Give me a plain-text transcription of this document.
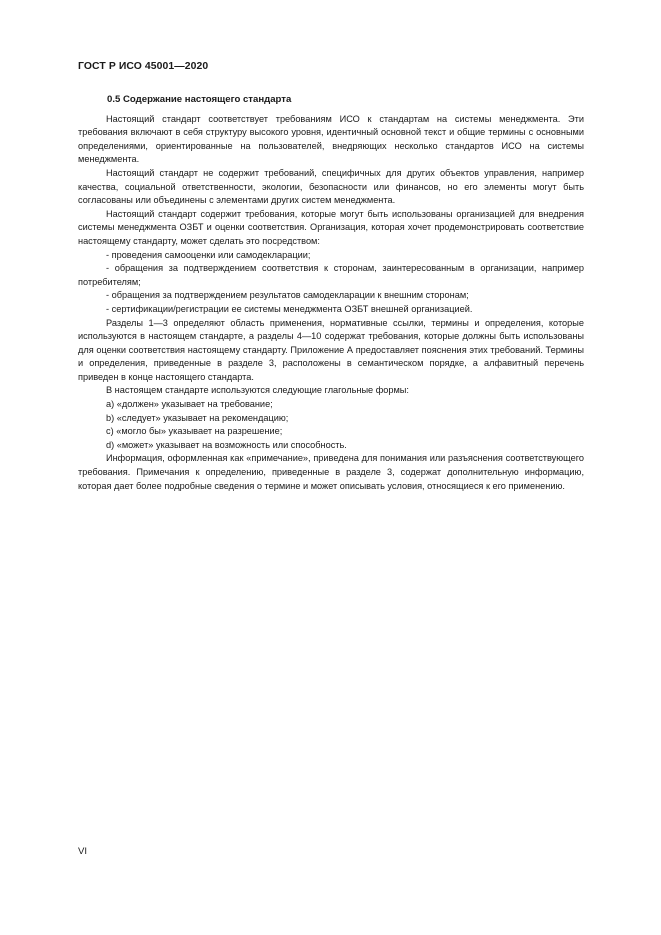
ГОСТ Р ИСО 45001—2020
0.5 Содержание настоящего стандарта

Настоящий стандарт соответствует требованиям ИСО к стандартам на системы менеджмента. Эти требования включают в себя структуру высокого уровня, идентичный основной текст и общие термины с основными определениями, ориентированные на пользователей, внедряющих несколько стандартов ИСО на системы менеджмента.

Настоящий стандарт не содержит требований, специфичных для других объектов управления, например качества, социальной ответственности, экологии, безопасности или финансов, но его элементы могут быть согласованы или объединены с элементами других систем менеджмента.

Настоящий стандарт содержит требования, которые могут быть использованы организацией для внедрения системы менеджмента ОЗБТ и оценки соответствия. Организация, которая хочет продемонстрировать соответствие настоящему стандарту, может сделать это посредством:

- проведения самооценки или самодекларации;

- обращения за подтверждением соответствия к сторонам, заинтересованным в организации, например потребителям;

- обращения за подтверждением результатов самодекларации к внешним сторонам;

- сертификации/регистрации ее системы менеджмента ОЗБТ внешней организацией.

Разделы 1—3 определяют область применения, нормативные ссылки, термины и определения, которые используются в настоящем стандарте, а разделы 4—10 содержат требования, которые должны быть использованы для оценки соответствия настоящему стандарту. Приложение А предоставляет пояснения этих требований. Термины и определения, приведенные в разделе 3, расположены в семантическом порядке, а алфавитный перечень приведен в конце настоящего стандарта.

В настоящем стандарте используются следующие глагольные формы:

a) «должен» указывает на требование;

b) «следует» указывает на рекомендацию;

c) «могло бы» указывает на разрешение;

d) «может» указывает на возможность или способность.

Информация, оформленная как «примечание», приведена для понимания или разъяснения соответствующего требования. Примечания к определению, приведенные в разделе 3, содержат дополнительную информацию, которая дает более подробные сведения о термине и может описывать условия, относящиеся к его применению.

VI
